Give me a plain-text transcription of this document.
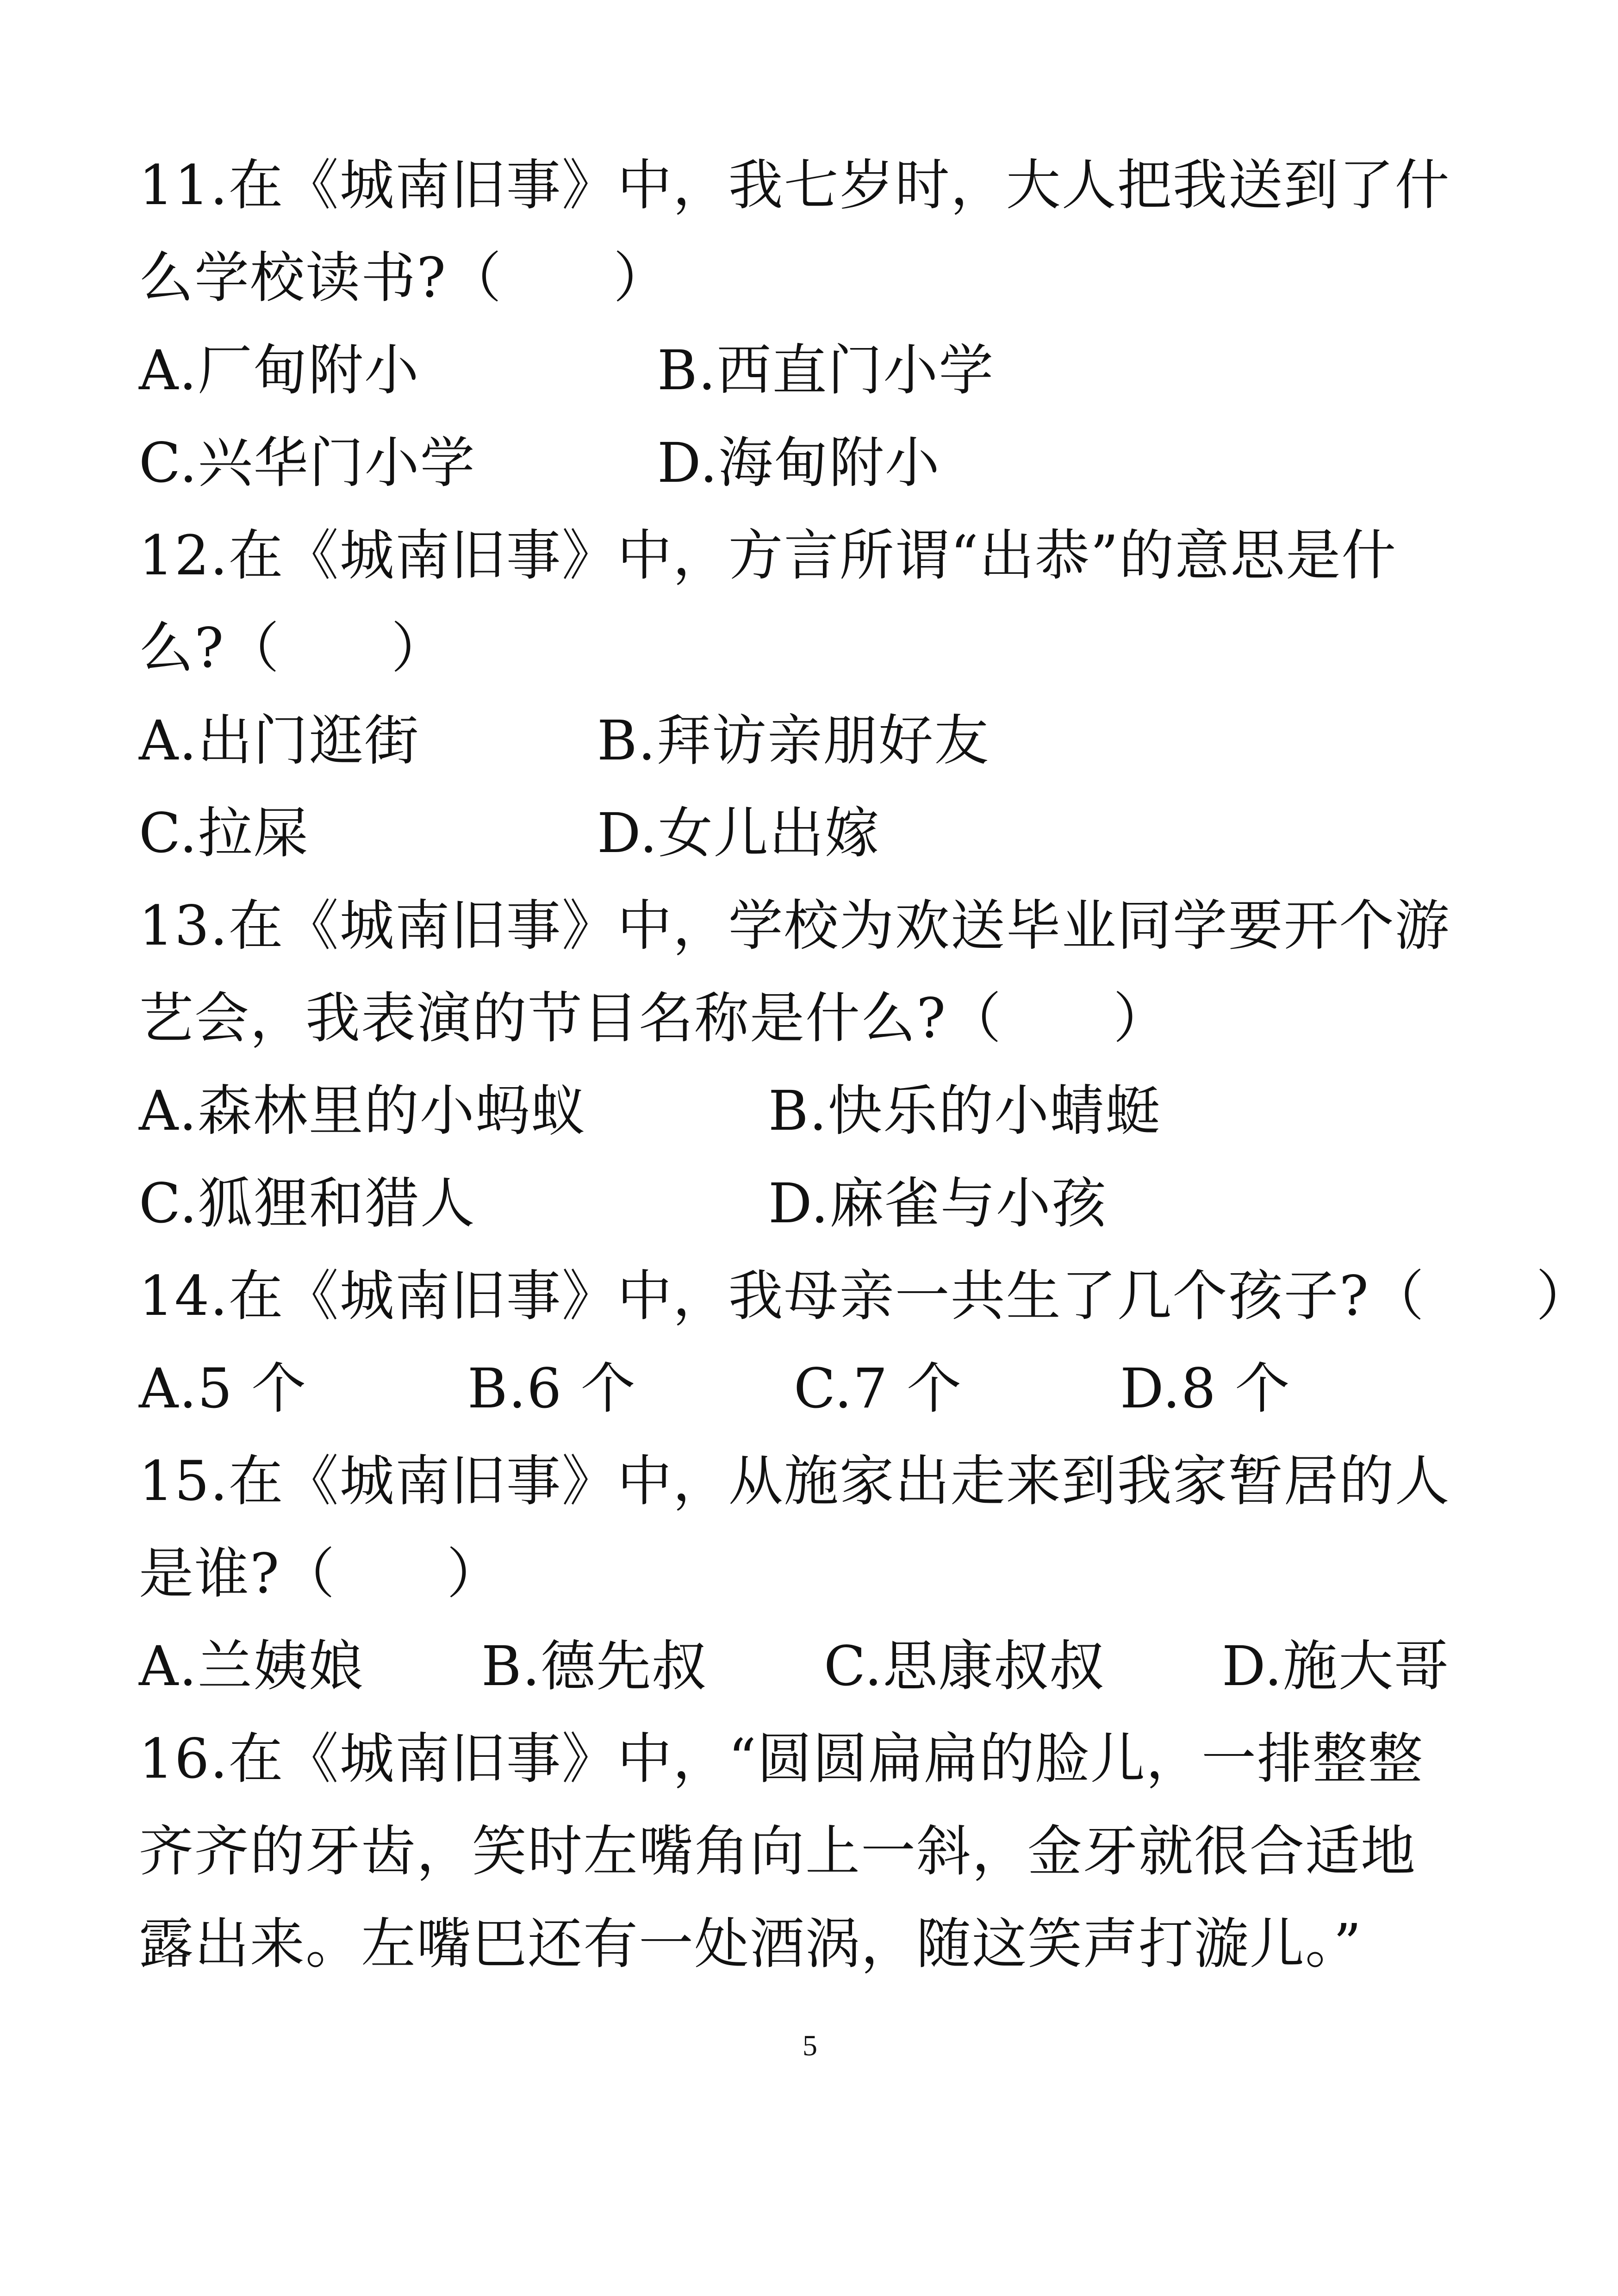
11.在《城南旧事》中，我七岁时，大人把我送到了什
么学校读书?（　　）
A.厂甸附小	B.西直门小学
C.兴华门小学	D.海甸附小
12.在《城南旧事》中，方言所谓“出恭”的意思是什
么?（　　）
A.出门逛街	B.拜访亲朋好友
C.拉屎	D.女儿出嫁
13.在《城南旧事》中，学校为欢送毕业同学要开个游
艺会，我表演的节目名称是什么?（　　）
A.森林里的小蚂蚁	B.快乐的小蜻蜓
C.狐狸和猎人	D.麻雀与小孩
14.在《城南旧事》中，我母亲一共生了几个孩子?（　　）
A.5 个	B.6 个	C.7 个	D.8 个
15.在《城南旧事》中，从施家出走来到我家暂居的人
是谁?（　　）
A.兰姨娘 B.德先叔 C.思康叔叔 D.施大哥
16.在《城南旧事》中，“圆圆扁扁的脸儿，一排整整
齐齐的牙齿，笑时左嘴角向上一斜，金牙就很合适地
露出来。左嘴巴还有一处酒涡，随这笑声打漩儿。”
5
